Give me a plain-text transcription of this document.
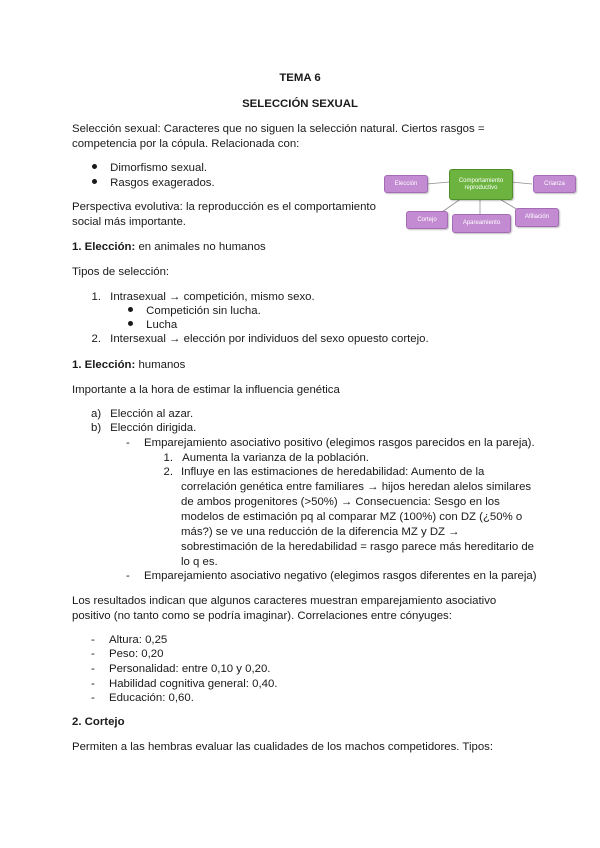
TEMA 6
SELECCIÓN SEXUAL
Selección sexual: Caracteres que no siguen la selección natural. Ciertos rasgos =
competencia por la cópula. Relacionada con:
Dimorfismo sexual.
Rasgos exagerados.
Perspectiva evolutiva: la reproducción es el comportamiento
social más importante.
Elección	Comportamiento reproductivo
Crianza
Cortejo
Apareamiento
Afiliación
1. Elección: en animales no humanos
Tipos de selección:
1. Intrasexual → competición, mismo sexo.
Competición sin lucha.
Lucha
2. Intersexual → elección por individuos del sexo opuesto cortejo.
1. Elección: humanos
Importante a la hora de estimar la influencia genética
a) Elección al azar.
b) Elección dirigida.
- Emparejamiento asociativo positivo (elegimos rasgos parecidos en la pareja).
1. Aumenta la varianza de la población.
2. Influye en las estimaciones de heredabilidad: Aumento de la
correlación genética entre familiares → hijos heredan alelos similares
de ambos progenitores (>50%) → Consecuencia: Sesgo en los
modelos de estimación pq al comparar MZ (100%) con DZ (¿50% o
más?) se ve una reducción de la diferencia MZ y DZ →
sobrestimación de la heredabilidad = rasgo parece más hereditario de
lo q es.
- Emparejamiento asociativo negativo (elegimos rasgos diferentes en la pareja)
Los resultados indican que algunos caracteres muestran emparejamiento asociativo
positivo (no tanto como se podría imaginar). Correlaciones entre cónyuges:
- Altura: 0,25
- Peso: 0,20
- Personalidad: entre 0,10 y 0,20.
- Habilidad cognitiva general: 0,40.
- Educación: 0,60.
2. Cortejo
Permiten a las hembras evaluar las cualidades de los machos competidores. Tipos:
